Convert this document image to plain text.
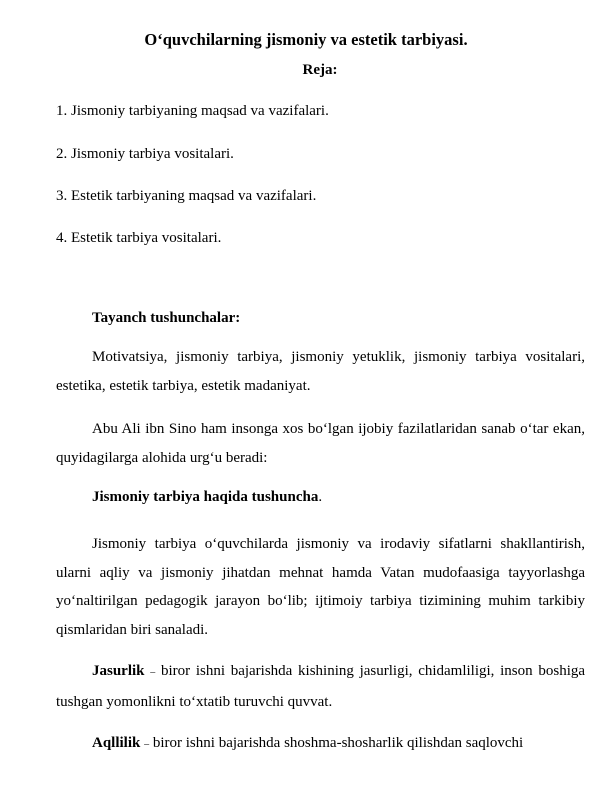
O‘quvchilarning jismoniy va estetik tarbiyasi.
Reja:
1. Jismoniy tarbiyaning maqsad va vazifalari.
2. Jismoniy tarbiya vositalari.
3. Estetik tarbiyaning maqsad va vazifalari.
4. Estetik tarbiya vositalari.
Tayanch tushunchalar:

Motivatsiya, jismoniy tarbiya, jismoniy yetuklik, jismoniy tarbiya vositalari, estetika, estetik tarbiya, estetik madaniyat.

Abu Ali ibn Sino ham insonga xos bo‘lgan ijobiy fazilatlaridan sanab o‘tar ekan, quyidagilarga alohida urg‘u beradi:

Jismoniy tarbiya haqida tushuncha.

Jismoniy tarbiya o‘quvchilarda jismoniy va irodaviy sifatlarni shakllantirish, ularni aqliy va jismoniy jihatdan mehnat hamda Vatan mudofaasiga tayyorlashga yo‘naltirilgan pedagogik jarayon bo‘lib; ijtimoiy tarbiya tizimining muhim tarkibiy qismlaridan biri sanaladi.

Jasurlik – biror ishni bajarishda kishining jasurligi, chidamliligi, inson boshiga tushgan yomonlikni to‘xtatib turuvchi quvvat.

Aqllilik – biror ishni bajarishda shoshma-shosharlik qilishdan saqlovchi
